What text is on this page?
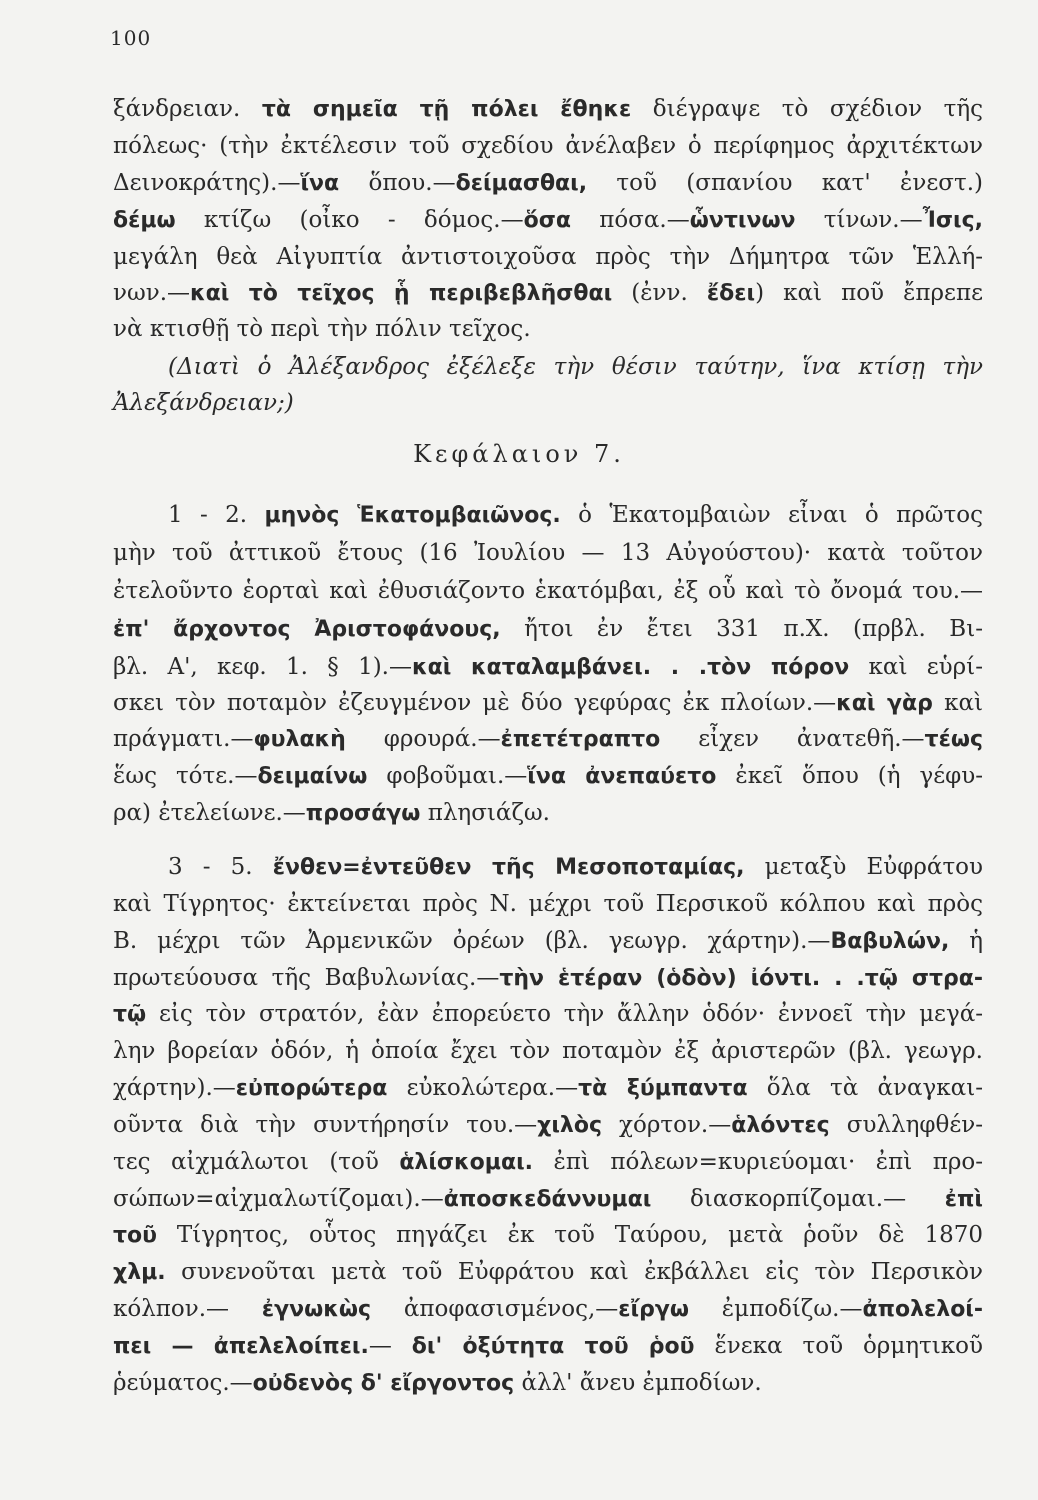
100
ξάνδρειαν. τὰ σημεῖα τῇ πόλει ἔθηκε διέγραψε τὸ σχέδιον τῆς
πόλεως· (τὴν ἐκτέλεσιν τοῦ σχεδίου ἀνέλαβεν ὁ περίφημος ἀρχιτέκτων
Δεινοκράτης).—ἵνα ὅπου.—δείμασθαι, τοῦ (σπανίου κατ' ἐνεστ.)
δέμω κτίζω (οἶκο - δόμος.—ὅσα πόσα.—ὧντινων τίνων.—Ἶσις,
μεγάλη θεὰ Αἰγυπτία ἀντιστοιχοῦσα πρὸς τὴν Δήμητρα τῶν Ἑλλή-
νων.—καὶ τὸ τεῖχος ᾗ περιβεβλῆσθαι (ἐνν. ἔδει) καὶ ποῦ ἔπρεπε
νὰ κτισθῇ τὸ περὶ τὴν πόλιν τεῖχος.
(Διατὶ ὁ Ἀλέξανδρος ἐξέλεξε τὴν θέσιν ταύτην, ἵνα κτίσῃ τὴν
Ἀλεξάνδρειαν;)
Κεφάλαιον 7.
1 - 2. μηνὸς Ἑκατομβαιῶνος. ὁ Ἑκατομβαιὼν εἶναι ὁ πρῶτος
μὴν τοῦ ἀττικοῦ ἔτους (16 Ἰουλίου — 13 Αὐγούστου)· κατὰ τοῦτον
ἐτελοῦντο ἑορταὶ καὶ ἐθυσιάζοντο ἑκατόμβαι, ἐξ οὗ καὶ τὸ ὄνομά του.—
ἐπ' ἄρχοντος Ἀριστοφάνους, ἤτοι ἐν ἔτει 331 π.Χ. (πρβλ. Βι-
βλ. Α', κεφ. 1. § 1).—καὶ καταλαμβάνει. . .τὸν πόρον καὶ εὑρί-
σκει τὸν ποταμὸν ἐζευγμένον μὲ δύο γεφύρας ἐκ πλοίων.—καὶ γὰρ καὶ
πράγματι.—φυλακὴ φρουρά.—ἐπετέτραπτο εἶχεν ἀνατεθῆ.—τέως
ἕως τότε.—δειμαίνω φοβοῦμαι.—ἵνα ἀνεπαύετο ἐκεῖ ὅπου (ἡ γέφυ-
ρα) ἐτελείωνε.—προσάγω πλησιάζω.
3 - 5. ἔνθεν=ἐντεῦθεν τῆς Μεσοποταμίας, μεταξὺ Εὐφράτου
καὶ Τίγρητος· ἐκτείνεται πρὸς Ν. μέχρι τοῦ Περσικοῦ κόλπου καὶ πρὸς
Β. μέχρι τῶν Ἀρμενικῶν ὀρέων (βλ. γεωγρ. χάρτην).—Βαβυλών, ἡ
πρωτεύουσα τῆς Βαβυλωνίας.—τὴν ἑτέραν (ὁδὸν) ἰόντι. . .τῷ στρα-
τῷ εἰς τὸν στρατόν, ἐὰν ἐπορεύετο τὴν ἄλλην ὁδόν· ἐννοεῖ τὴν μεγά-
λην βορείαν ὁδόν, ἡ ὁποία ἔχει τὸν ποταμὸν ἐξ ἀριστερῶν (βλ. γεωγρ.
χάρτην).—εὐπορώτερα εὐκολώτερα.—τὰ ξύμπαντα ὅλα τὰ ἀναγκαι-
οῦντα διὰ τὴν συντήρησίν του.—χιλὸς χόρτον.—ἁλόντες συλληφθέν-
τες αἰχμάλωτοι (τοῦ ἁλίσκομαι. ἐπὶ πόλεων=κυριεύομαι· ἐπὶ προ-
σώπων=αἰχμαλωτίζομαι).—ἀποσκεδάννυμαι διασκορπίζομαι.— ἐπὶ
τοῦ Τίγρητος, οὗτος πηγάζει ἐκ τοῦ Ταύρου, μετὰ ῥοῦν δὲ 1870
χλμ. συνενοῦται μετὰ τοῦ Εὐφράτου καὶ ἐκβάλλει εἰς τὸν Περσικὸν
κόλπον.— ἐγνωκὼς ἀποφασισμένος,—εἴργω ἐμποδίζω.—ἀπολελοί-
πει — ἀπελελοίπει.— δι' ὀξύτητα τοῦ ῥοῦ ἕνεκα τοῦ ὁρμητικοῦ
ῥεύματος.—οὐδενὸς δ' εἴργοντος ἀλλ' ἄνευ ἐμποδίων.
